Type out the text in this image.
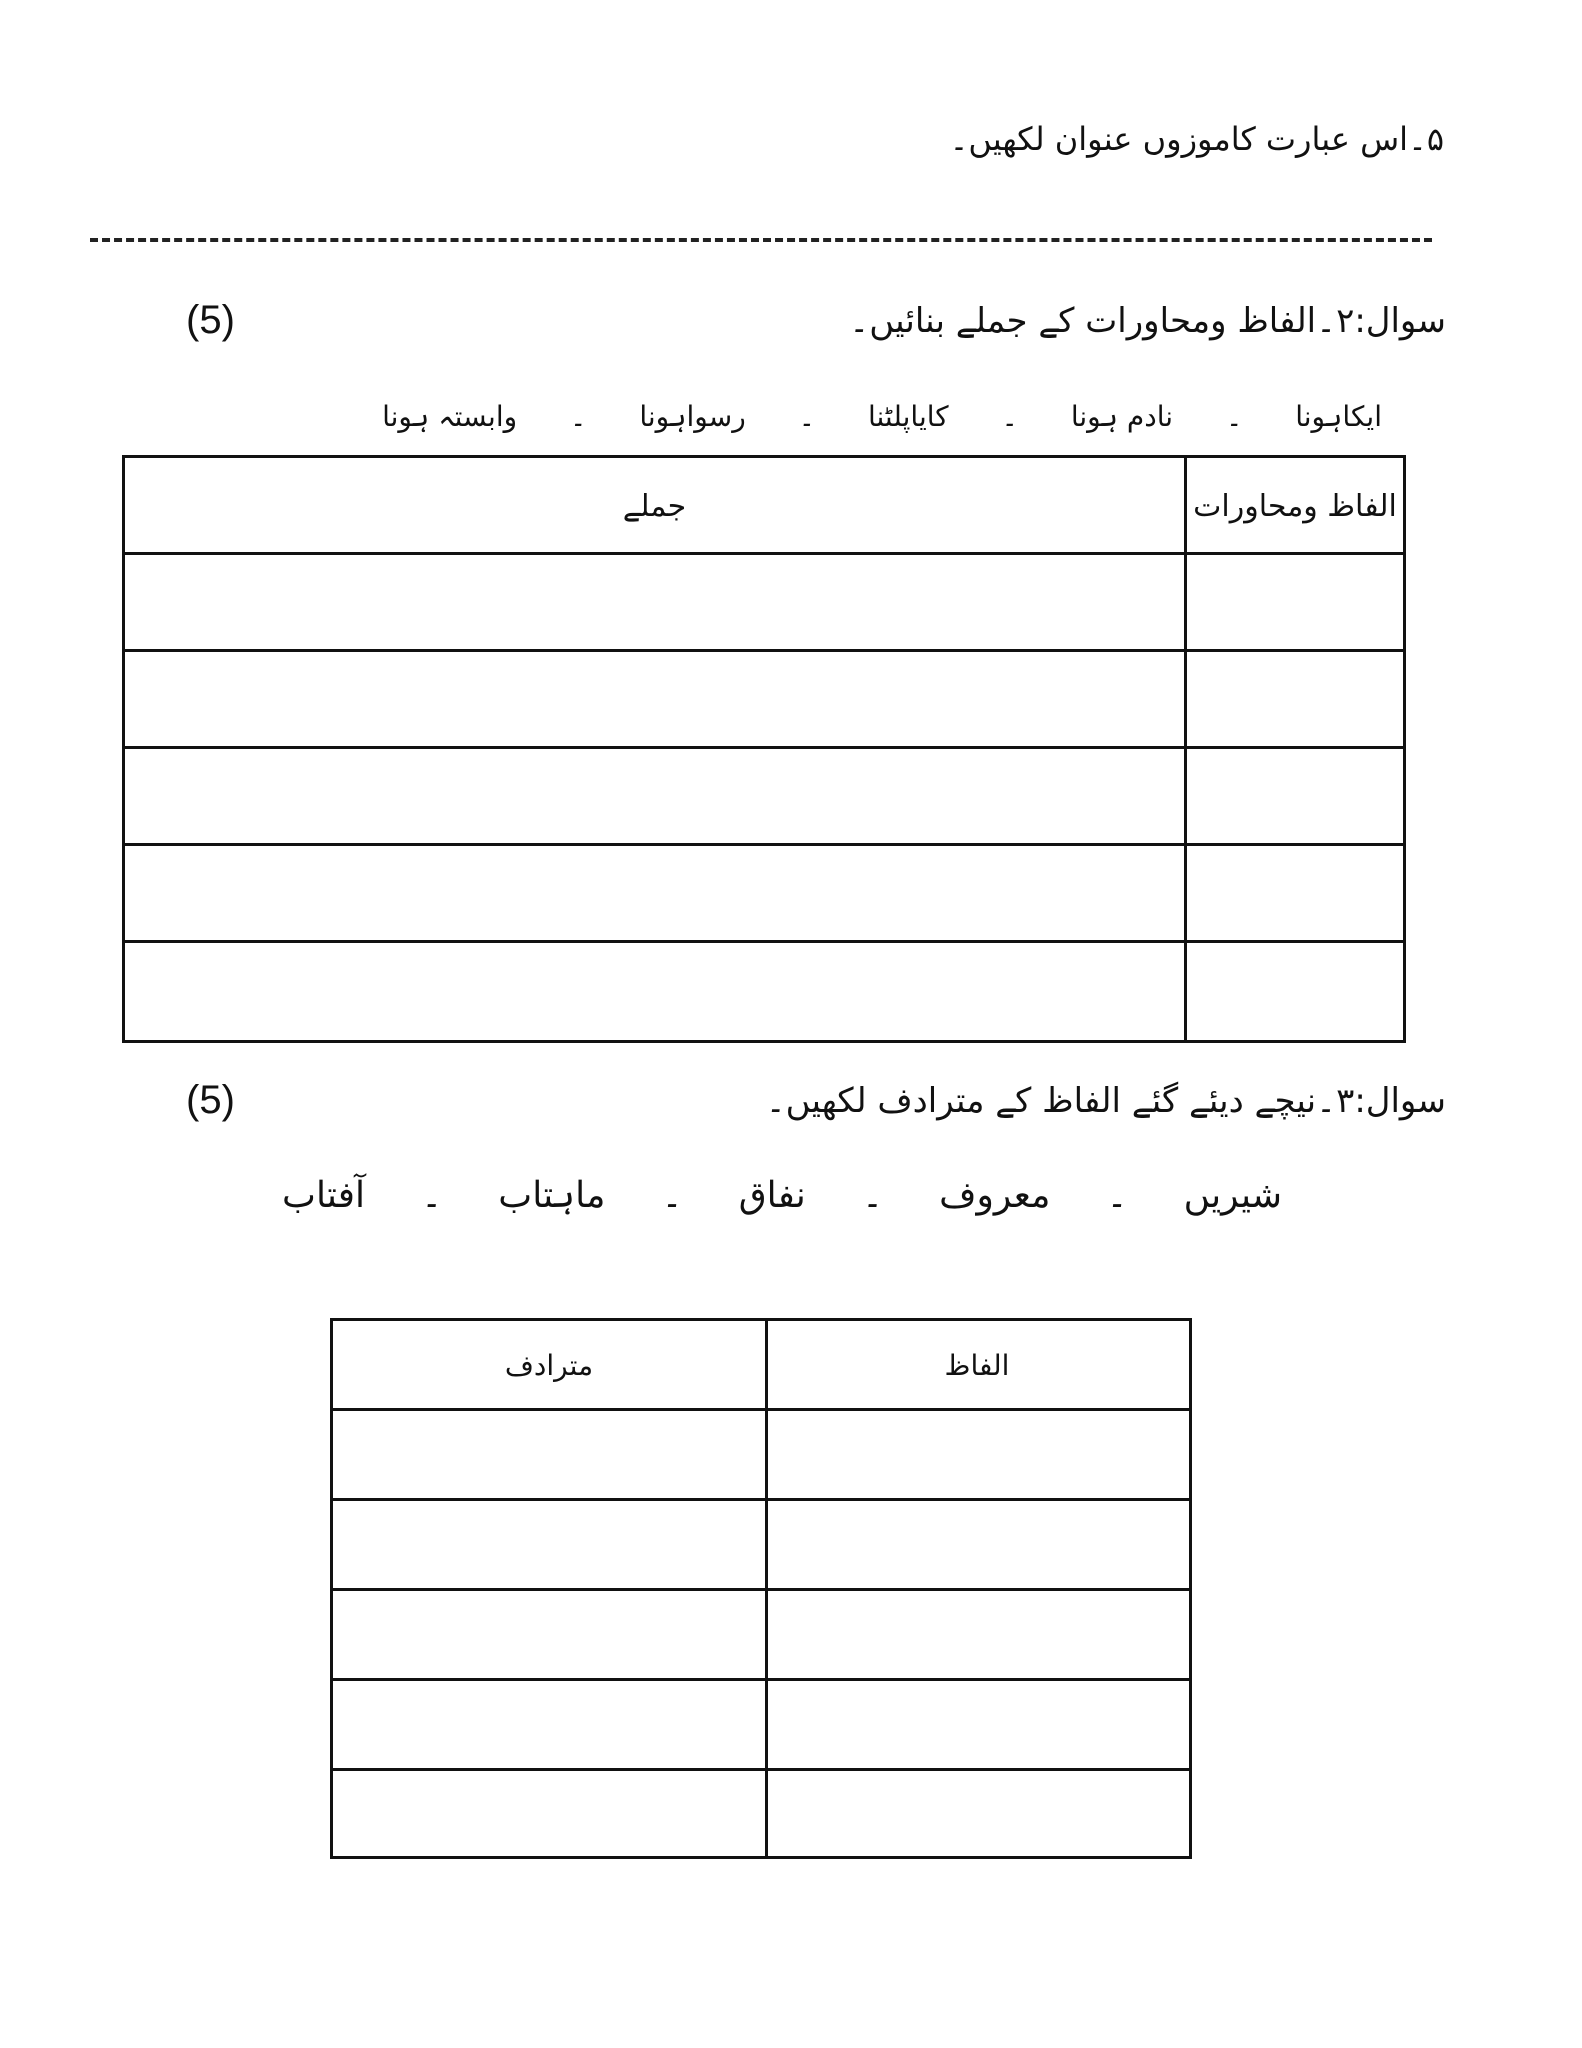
۵۔اس عبارت کاموزوں عنوان لکھیں۔
سوال:۲۔الفاظ ومحاورات کے جملے بنائیں۔
(5)
ایکاہونا
۔
نادم ہونا
۔
کایاپلٹنا
۔
رسواہونا
۔
وابستہ ہونا
الفاظ ومحاورات
جملے
سوال:۳۔نیچے دیئے گئے الفاظ کے مترادف لکھیں۔
(5)
شیریں
۔
معروف
۔
نفاق
۔
ماہتاب
۔
آفتاب
الفاظ
مترادف
